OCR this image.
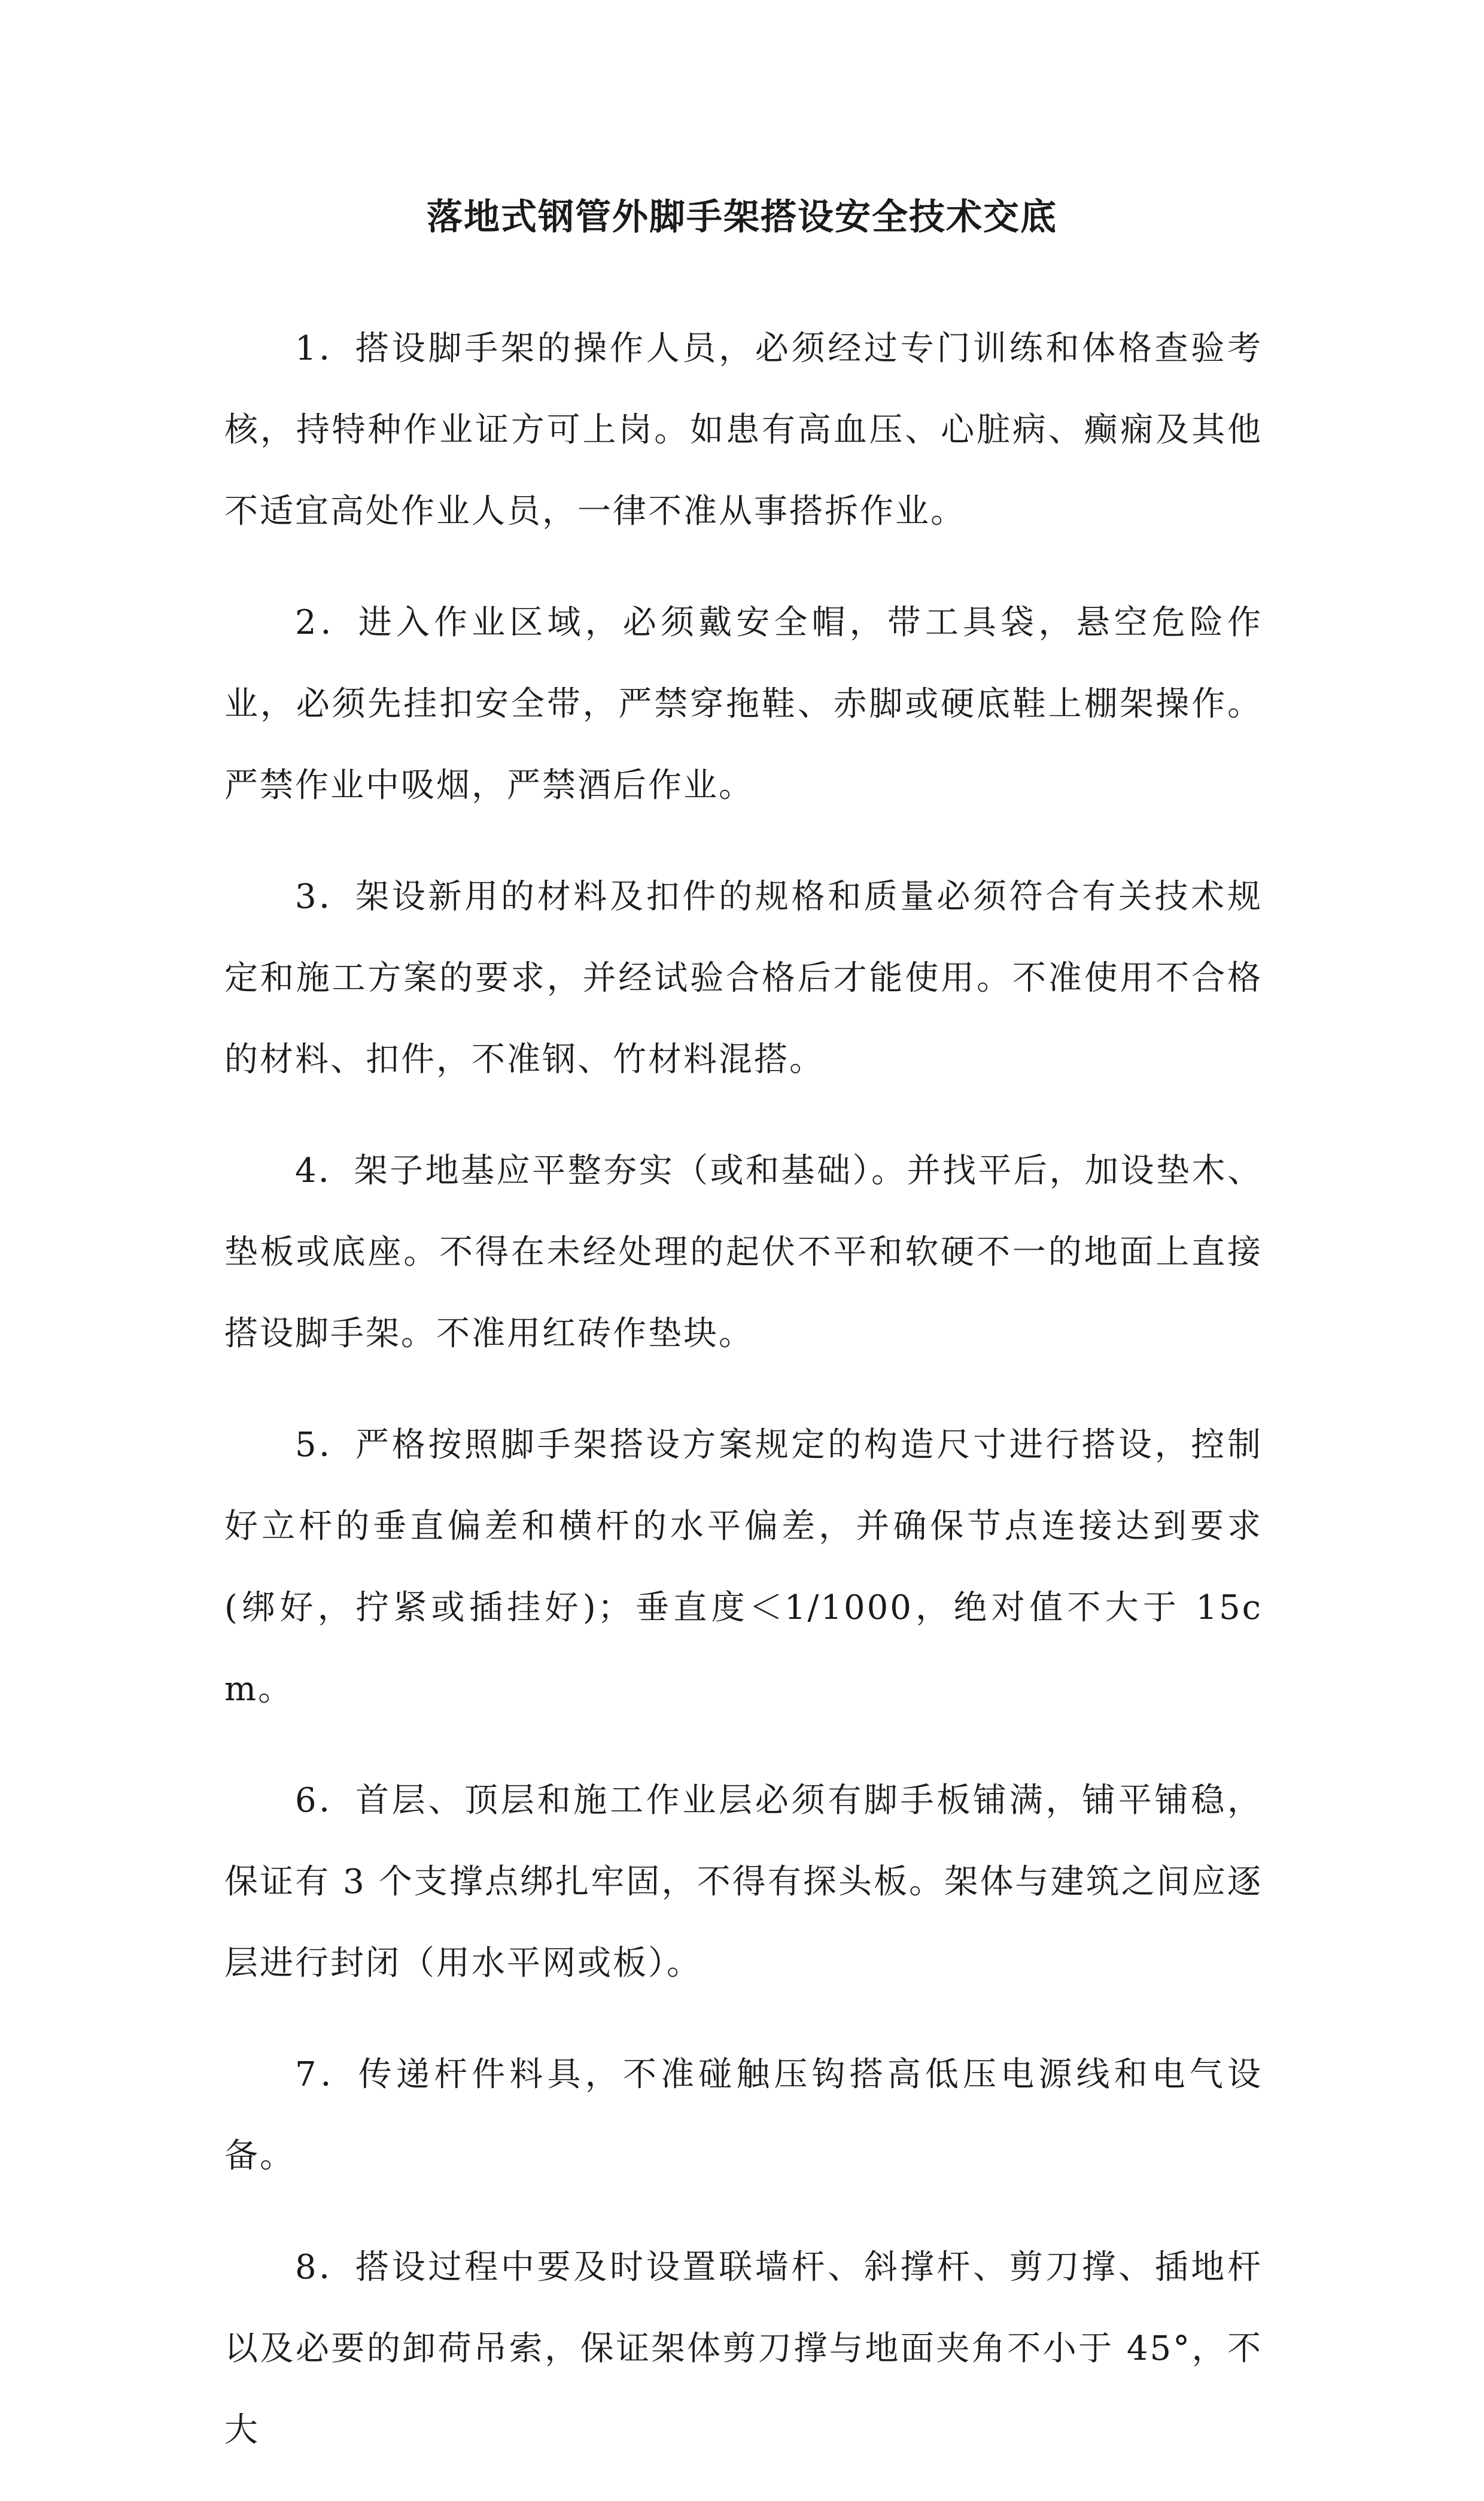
落地式钢管外脚手架搭设安全技术交底

1．搭设脚手架的操作人员，必须经过专门训练和体格查验考核，持特种作业证方可上岗。如患有高血压、心脏病、癫痫及其他不适宜高处作业人员，一律不准从事搭拆作业。

2．进入作业区域，必须戴安全帽，带工具袋，悬空危险作业，必须先挂扣安全带，严禁穿拖鞋、赤脚或硬底鞋上棚架操作。严禁作业中吸烟，严禁酒后作业。

3．架设新用的材料及扣件的规格和质量必须符合有关技术规定和施工方案的要求，并经试验合格后才能使用。不准使用不合格的材料、扣件，不准钢、竹材料混搭。

4．架子地基应平整夯实（或和基础）。并找平后，加设垫木、垫板或底座。不得在未经处理的起伏不平和软硬不一的地面上直接搭设脚手架。不准用红砖作垫块。

5．严格按照脚手架搭设方案规定的构造尺寸进行搭设，控制好立杆的垂直偏差和横杆的水平偏差，并确保节点连接达到要求(绑好，拧紧或插挂好)；垂直度＜1/1000，绝对值不大于 15cm。

6．首层、顶层和施工作业层必须有脚手板铺满，铺平铺稳，保证有 3 个支撑点绑扎牢固，不得有探头板。架体与建筑之间应逐层进行封闭（用水平网或板）。

7．传递杆件料具，不准碰触压钩搭高低压电源线和电气设备。

8．搭设过程中要及时设置联墙杆、斜撑杆、剪刀撑、插地杆以及必要的卸荷吊索，保证架体剪刀撑与地面夹角不小于 45°，不大
